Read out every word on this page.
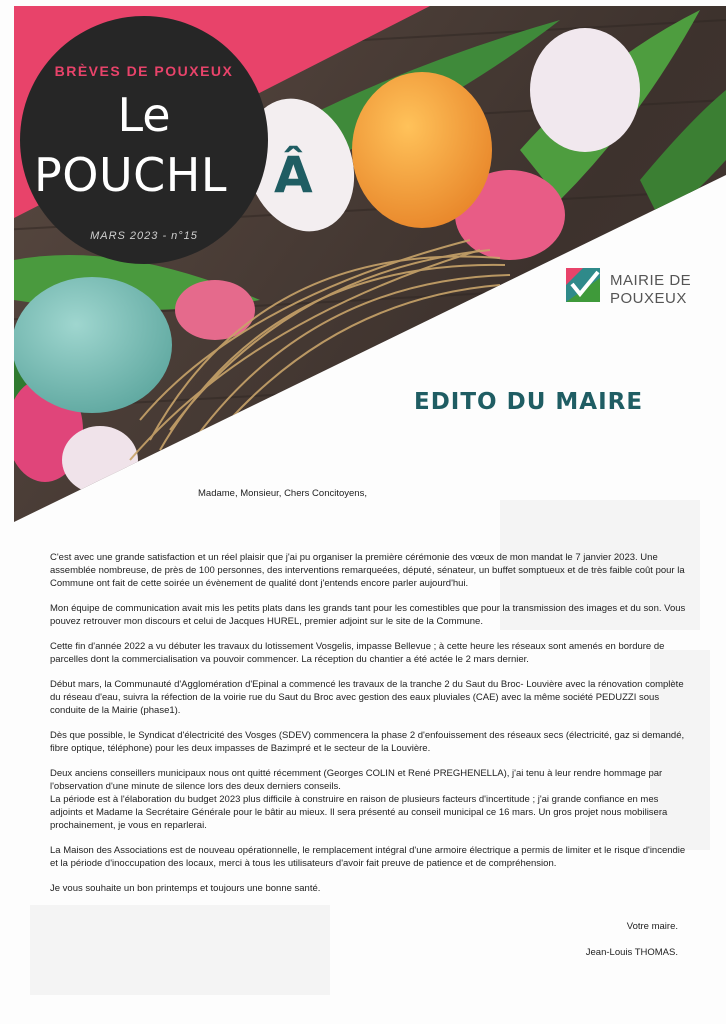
BRÈVES DE POUXEUX
Le
POUCHL Â
MARS 2023 - n°15
MAIRIE DE
POUXEUX
EDITO DU MAIRE
Madame, Monsieur, Chers Concitoyens,

C'est avec une grande satisfaction et un réel plaisir que j'ai pu organiser la première cérémonie des vœux de mon mandat le 7 janvier 2023. Une assemblée nombreuse, de près de 100 personnes, des interventions remarqueées, député, sénateur, un buffet somptueux et de très faible coût pour la Commune ont fait de cette soirée un évènement de qualité dont j'entends encore parler aujourd'hui.

Mon équipe de communication avait mis les petits plats dans les grands tant pour les comestibles que pour la transmission des images et du son. Vous pouvez retrouver mon discours et celui de Jacques HUREL, premier adjoint sur le site de la Commune.

Cette fin d'année 2022 a vu débuter les travaux du lotissement Vosgelis, impasse Bellevue ; à cette heure les réseaux sont amenés en bordure de parcelles dont la commercialisation va pouvoir commencer. La réception du chantier a été actée le 2 mars dernier.

Début mars, la Communauté d'Agglomération d'Epinal a commencé les travaux de la tranche 2 du Saut du Broc- Louvière avec la rénovation complète du réseau d'eau, suivra la réfection de la voirie rue du Saut du Broc avec gestion des eaux pluviales (CAE) avec la même société PEDUZZI sous conduite de la Mairie (phase1).

Dès que possible, le Syndicat d'électricité des Vosges (SDEV) commencera la phase 2 d'enfouissement des réseaux secs (électricité, gaz si demandé, fibre optique, téléphone) pour les deux impasses de Bazimpré et le secteur de la Louvière.

Deux anciens conseillers municipaux nous ont quitté récemment (Georges COLIN et René PREGHENELLA), j'ai tenu à leur rendre hommage par l'observation d'une minute de silence lors des deux derniers conseils.

La période est à l'élaboration du budget 2023 plus difficile à construire en raison de plusieurs facteurs d'incertitude ; j'ai grande confiance en mes adjoints et Madame la Secrétaire Générale pour le bâtir au mieux. Il sera présenté au conseil municipal ce 16 mars. Un gros projet nous mobilisera prochainement, je vous en reparlerai.

La Maison des Associations est de nouveau opérationnelle, le remplacement intégral d'une armoire électrique a permis de limiter et le risque d'incendie et la période d'inoccupation des locaux, merci à tous les utilisateurs d'avoir fait preuve de patience et de compréhension.

Je vous souhaite un bon printemps et toujours une bonne santé.

Votre maire.
Jean-Louis THOMAS.
